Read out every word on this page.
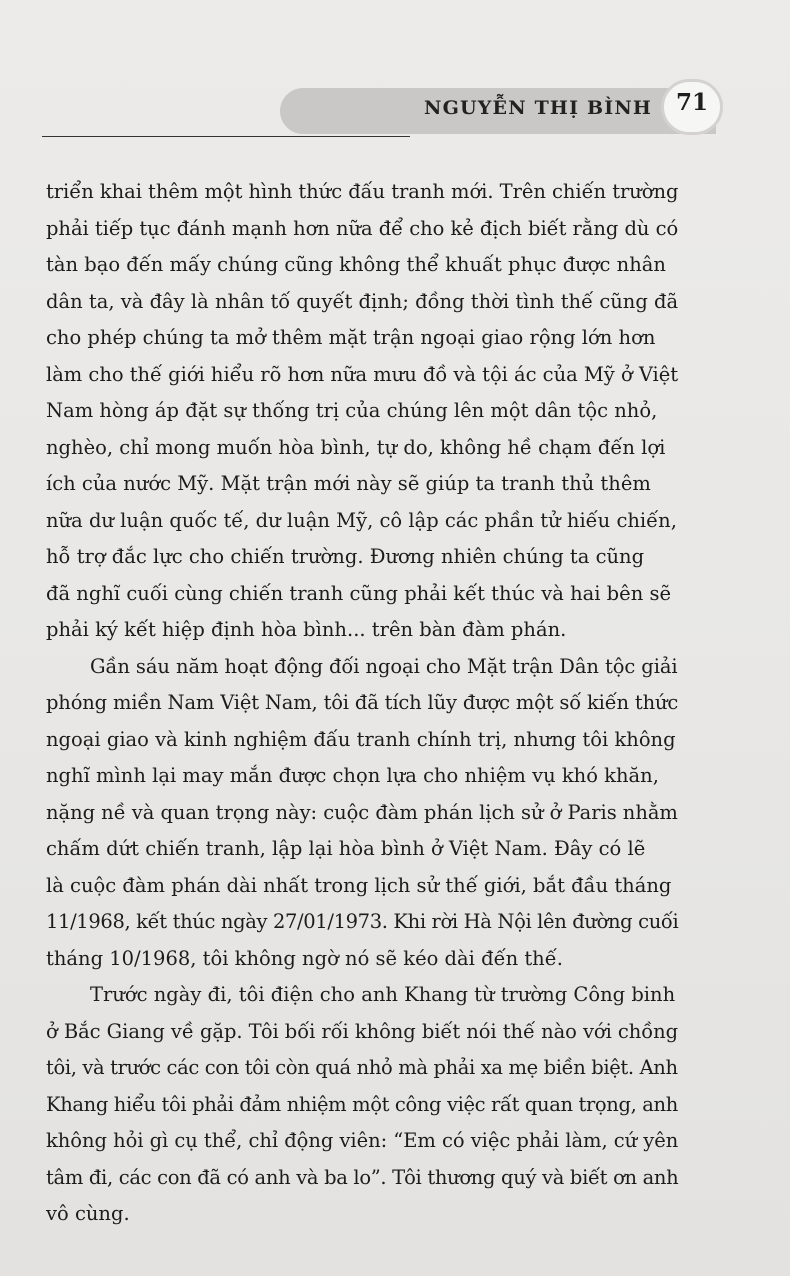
NGUYỄN THỊ BÌNH 71
triển khai thêm một hình thức đấu tranh mới. Trên chiến trường
phải tiếp tục đánh mạnh hơn nữa để cho kẻ địch biết rằng dù có
tàn bạo đến mấy chúng cũng không thể khuất phục được nhân
dân ta, và đây là nhân tố quyết định; đồng thời tình thế cũng đã
cho phép chúng ta mở thêm mặt trận ngoại giao rộng lớn hơn
làm cho thế giới hiểu rõ hơn nữa mưu đồ và tội ác của Mỹ ở Việt
Nam hòng áp đặt sự thống trị của chúng lên một dân tộc nhỏ,
nghèo, chỉ mong muốn hòa bình, tự do, không hề chạm đến lợi
ích của nước Mỹ. Mặt trận mới này sẽ giúp ta tranh thủ thêm
nữa dư luận quốc tế, dư luận Mỹ, cô lập các phần tử hiếu chiến,
hỗ trợ đắc lực cho chiến trường. Đương nhiên chúng ta cũng
đã nghĩ cuối cùng chiến tranh cũng phải kết thúc và hai bên sẽ
phải ký kết hiệp định hòa bình... trên bàn đàm phán.
Gần sáu năm hoạt động đối ngoại cho Mặt trận Dân tộc giải
phóng miền Nam Việt Nam, tôi đã tích lũy được một số kiến thức
ngoại giao và kinh nghiệm đấu tranh chính trị, nhưng tôi không
nghĩ mình lại may mắn được chọn lựa cho nhiệm vụ khó khăn,
nặng nề và quan trọng này: cuộc đàm phán lịch sử ở Paris nhằm
chấm dứt chiến tranh, lập lại hòa bình ở Việt Nam. Đây có lẽ
là cuộc đàm phán dài nhất trong lịch sử thế giới, bắt đầu tháng
11/1968, kết thúc ngày 27/01/1973. Khi rời Hà Nội lên đường cuối
tháng 10/1968, tôi không ngờ nó sẽ kéo dài đến thế.
Trước ngày đi, tôi điện cho anh Khang từ trường Công binh
ở Bắc Giang về gặp. Tôi bối rối không biết nói thế nào với chồng
tôi, và trước các con tôi còn quá nhỏ mà phải xa mẹ biền biệt. Anh
Khang hiểu tôi phải đảm nhiệm một công việc rất quan trọng, anh
không hỏi gì cụ thể, chỉ động viên: “Em có việc phải làm, cứ yên
tâm đi, các con đã có anh và ba lo”. Tôi thương quý và biết ơn anh
vô cùng.
